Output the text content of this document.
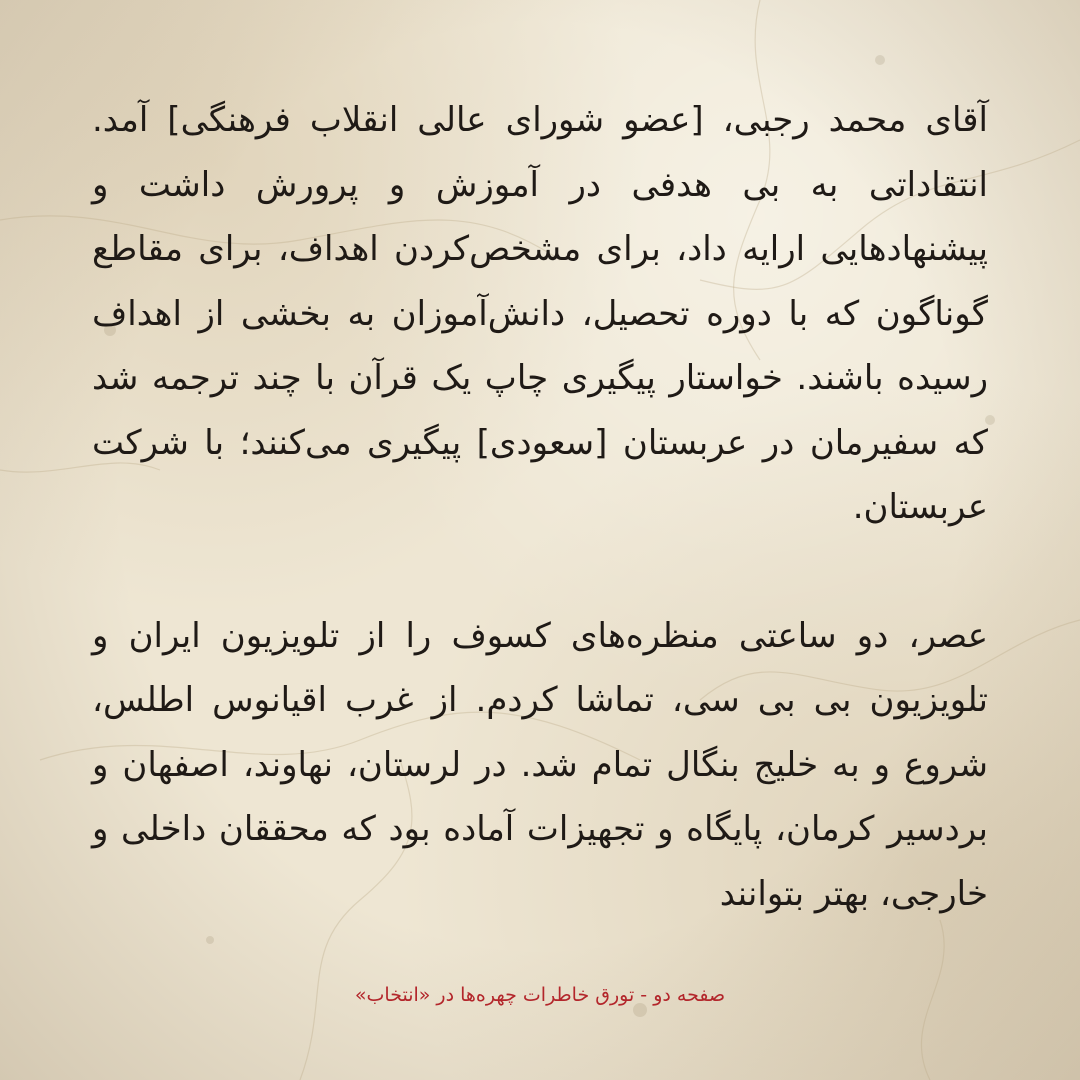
آقای محمد رجبی، [عضو شورای عالی انقلاب فرهنگی] آمد. انتقاداتی به بی هدفی در آموزش و پرورش داشت و پیشنهادهایی ارایه داد، برای مشخص‌کردن اهداف، برای مقاطع گوناگون که با دوره تحصیل، دانش‌آموزان به بخشی از اهداف رسیده باشند. خواستار پیگیری چاپ یک قرآن با چند ترجمه شد که سفیرمان در عربستان [سعودی] پیگیری می‌کنند؛ با شرکت عربستان.

عصر، دو ساعتی منظره‌های کسوف را از تلویزیون ایران و تلویزیون بی بی سی، تماشا کردم. از غرب اقیانوس اطلس، شروع و به خلیج بنگال تمام شد. در لرستان، نهاوند، اصفهان و بردسیر کرمان، پایگاه و تجهیزات آماده بود که محققان داخلی و خارجی، بهتر بتوانند

صفحه دو - تورق خاطرات چهره‌ها در «انتخاب»
